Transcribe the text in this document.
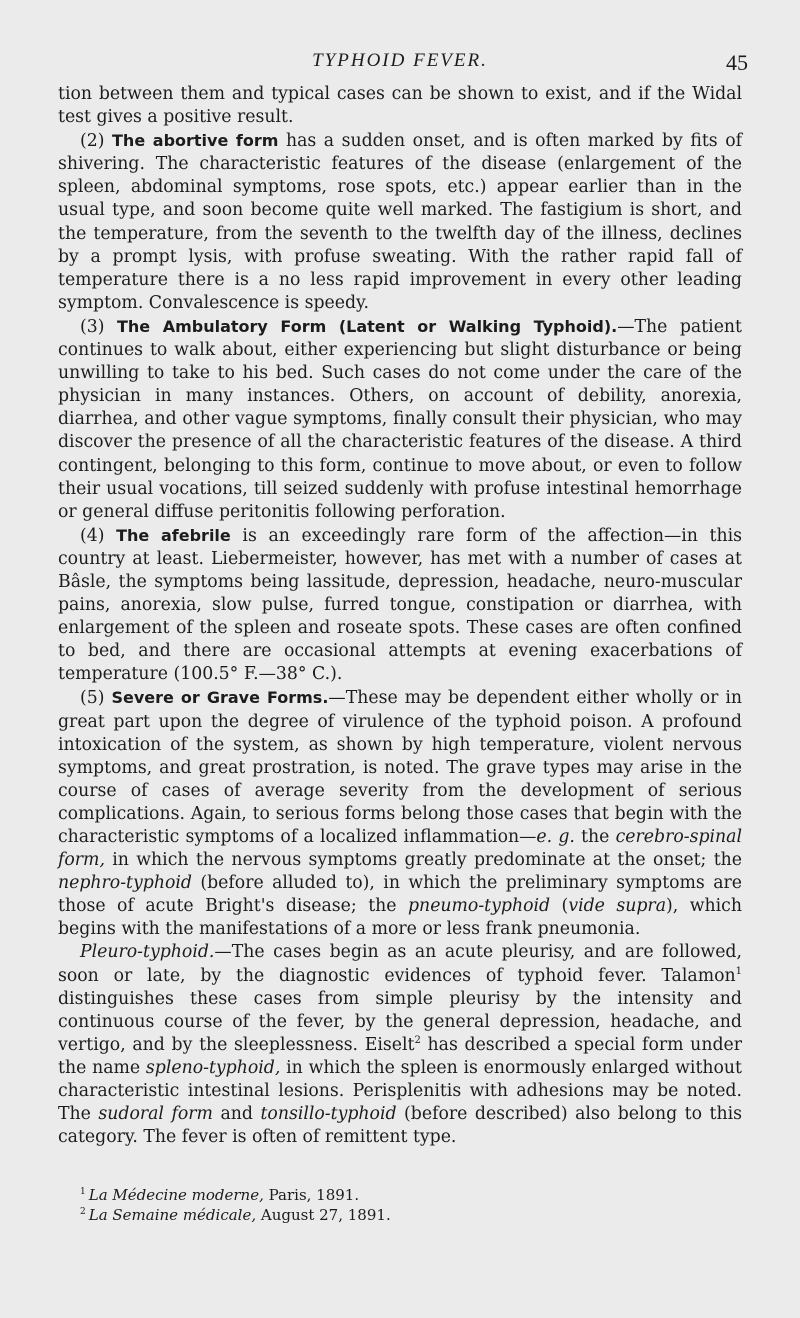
TYPHOID FEVER.	45

tion between them and typical cases can be shown to exist, and if the Widal test gives a positive result.

(2) The abortive form has a sudden onset, and is often marked by fits of shivering. The characteristic features of the disease (enlargement of the spleen, abdominal symptoms, rose spots, etc.) appear earlier than in the usual type, and soon become quite well marked. The fastigium is short, and the temperature, from the seventh to the twelfth day of the illness, declines by a prompt lysis, with profuse sweating. With the rather rapid fall of temperature there is a no less rapid improvement in every other leading symptom. Convalescence is speedy.

(3) The Ambulatory Form (Latent or Walking Typhoid).—The patient continues to walk about, either experiencing but slight disturbance or being unwilling to take to his bed. Such cases do not come under the care of the physician in many instances. Others, on account of debility, anorexia, diarrhea, and other vague symptoms, finally consult their physician, who may discover the presence of all the characteristic features of the disease. A third contingent, belonging to this form, continue to move about, or even to follow their usual vocations, till seized suddenly with profuse intestinal hemorrhage or general diffuse peritonitis following perforation.

(4) The afebrile is an exceedingly rare form of the affection—in this country at least. Liebermeister, however, has met with a number of cases at Bâsle, the symptoms being lassitude, depression, headache, neuro-muscular pains, anorexia, slow pulse, furred tongue, constipation or diarrhea, with enlargement of the spleen and roseate spots. These cases are often confined to bed, and there are occasional attempts at evening exacerbations of temperature (100.5° F.—38° C.).

(5) Severe or Grave Forms.—These may be dependent either wholly or in great part upon the degree of virulence of the typhoid poison. A profound intoxication of the system, as shown by high temperature, violent nervous symptoms, and great prostration, is noted. The grave types may arise in the course of cases of average severity from the development of serious complications. Again, to serious forms belong those cases that begin with the characteristic symptoms of a localized inflammation—e. g. the cerebro-spinal form, in which the nervous symptoms greatly predominate at the onset; the nephro-typhoid (before alluded to), in which the preliminary symptoms are those of acute Bright's disease; the pneumo-typhoid (vide supra), which begins with the manifestations of a more or less frank pneumonia.

Pleuro-typhoid.—The cases begin as an acute pleurisy, and are followed, soon or late, by the diagnostic evidences of typhoid fever. Talamon$^1$ distinguishes these cases from simple pleurisy by the intensity and continuous course of the fever, by the general depression, headache, and vertigo, and by the sleeplessness. Eiselt$^2$ has described a special form under the name spleno-typhoid, in which the spleen is enormously enlarged without characteristic intestinal lesions. Perisplenitis with adhesions may be noted. The sudoral form and tonsillo-typhoid (before described) also belong to this category. The fever is often of remittent type.

$^1$ La Médecine moderne, Paris, 1891.
$^2$ La Semaine médicale, August 27, 1891.
